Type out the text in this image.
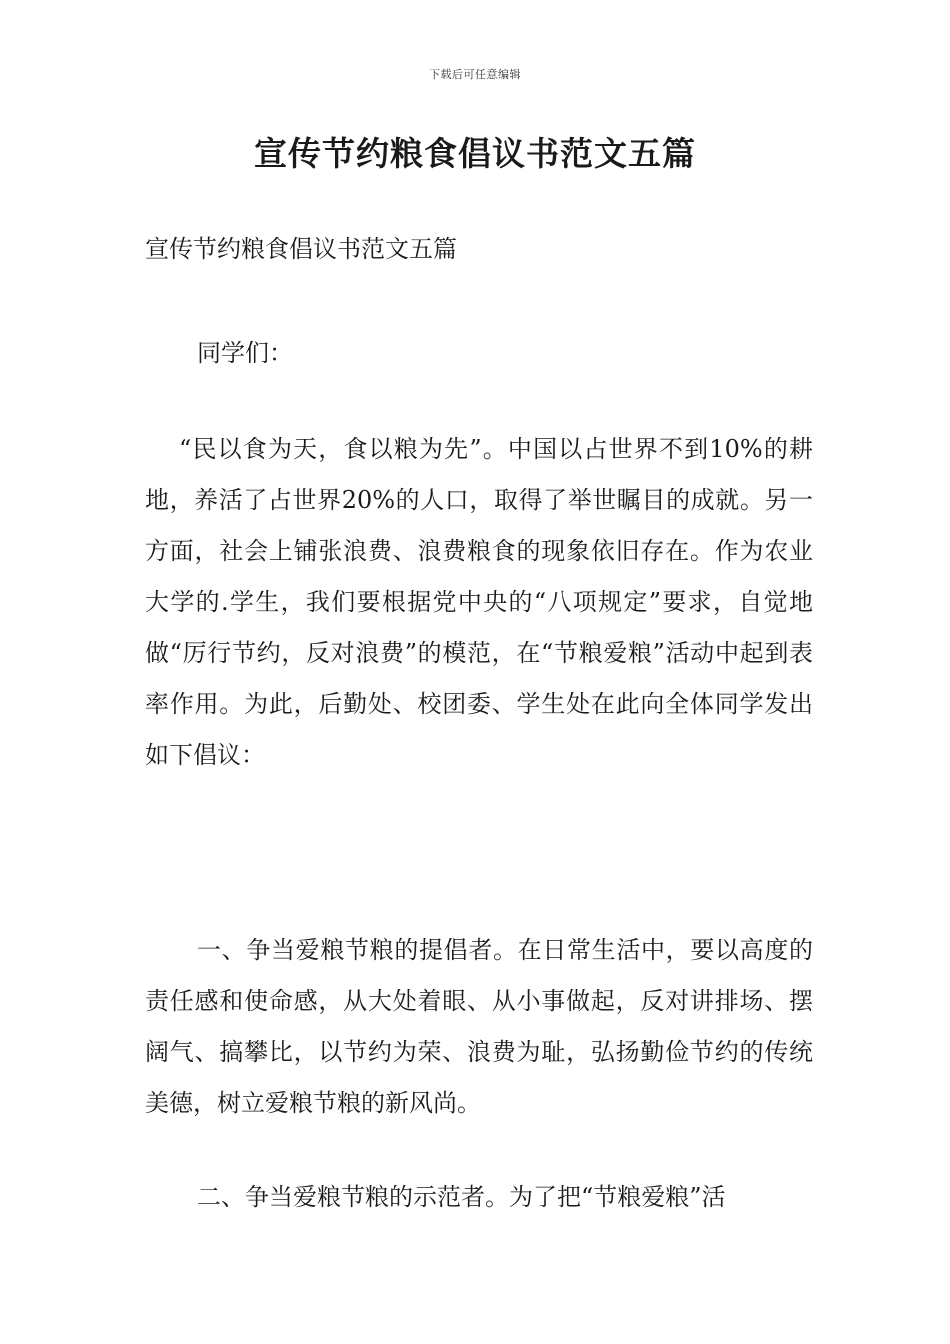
下载后可任意编辑
宣传节约粮食倡议书范文五篇

宣传节约粮食倡议书范文五篇

同学们：

“民以食为天，食以粮为先”。中国以占世界不到10%的耕地，养活了占世界20%的人口，取得了举世瞩目的成就。另一方面，社会上铺张浪费、浪费粮食的现象依旧存在。作为农业大学的.学生，我们要根据党中央的“八项规定”要求，自觉地做“厉行节约，反对浪费”的模范，在“节粮爱粮”活动中起到表率作用。为此，后勤处、校团委、学生处在此向全体同学发出如下倡议：

一、争当爱粮节粮的提倡者。在日常生活中，要以高度的责任感和使命感，从大处着眼、从小事做起，反对讲排场、摆阔气、搞攀比，以节约为荣、浪费为耻，弘扬勤俭节约的传统美德，树立爱粮节粮的新风尚。

二、争当爱粮节粮的示范者。为了把“节粮爱粮”活
